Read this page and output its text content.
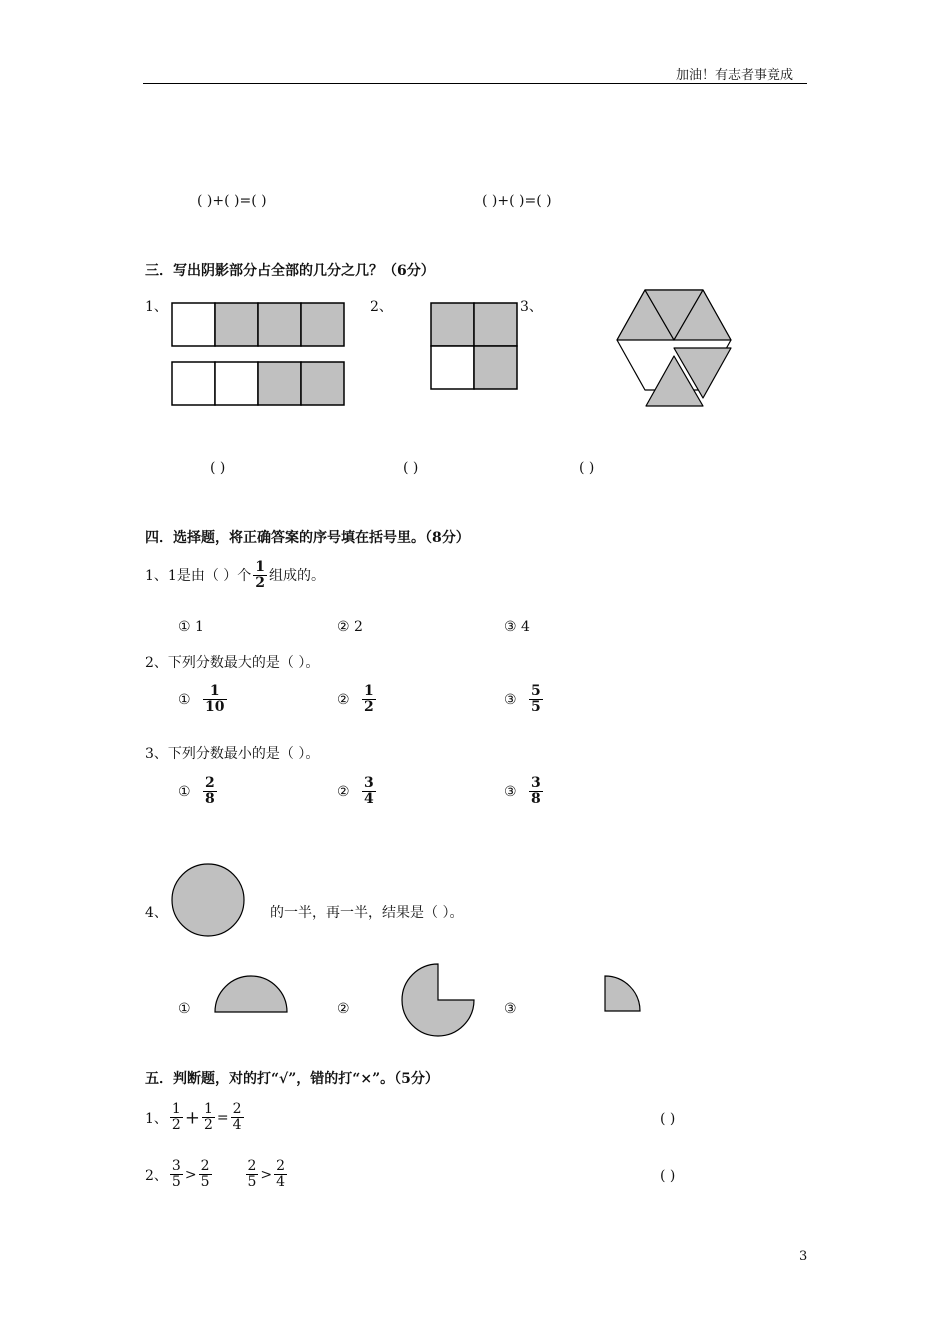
加油！有志者事竟成
( )+( )=( )	( )+( )=( )
三．写出阴影部分占全部的几分之几？（6分）
1、	2、	3、
( )	( )	( )
四．选择题，将正确答案的序号填在括号里。（8分）
1、1是由（ ）个 $\frac{1}{2}$ 组成的。
① 1	② 2	③ 4
2、下列分数最大的是（ ）。
① $\frac{1}{10}$	② $\frac{1}{2}$	③ $\frac{5}{5}$
3、下列分数最小的是（ ）。
① $\frac{2}{8}$	② $\frac{3}{4}$	③ $\frac{3}{8}$
4、	的一半，再一半，结果是（ ）。
①	②	③
五．判断题，对的打“√”，错的打“×”。（5分）
1、 $\frac{1}{2} + \frac{1}{2} = \frac{2}{4}$	( )
2、 $\frac{3}{5} > \frac{2}{5} \frac{2}{5} > \frac{2}{4}$	( )
3
